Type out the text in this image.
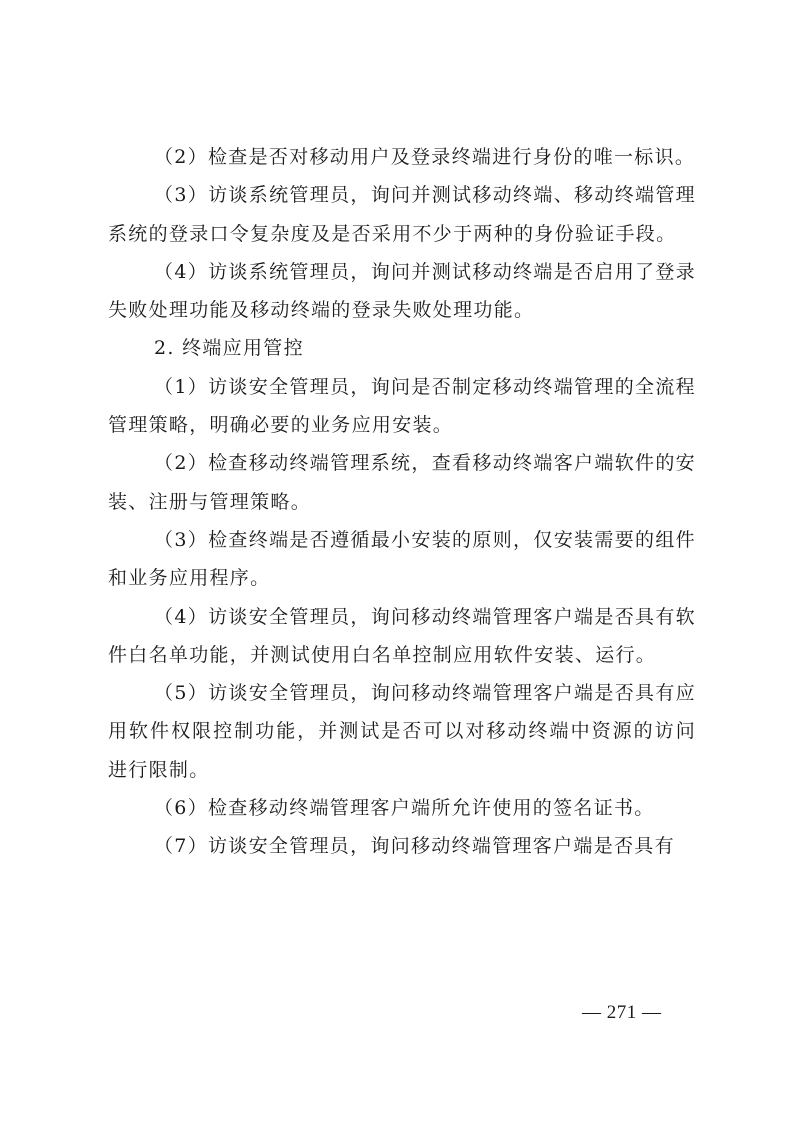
（2）检查是否对移动用户及登录终端进行身份的唯一标识。

（3）访谈系统管理员，询问并测试移动终端、移动终端管理系统的登录口令复杂度及是否采用不少于两种的身份验证手段。

（4）访谈系统管理员，询问并测试移动终端是否启用了登录失败处理功能及移动终端的登录失败处理功能。

2. 终端应用管控

（1）访谈安全管理员，询问是否制定移动终端管理的全流程管理策略，明确必要的业务应用安装。

（2）检查移动终端管理系统，查看移动终端客户端软件的安装、注册与管理策略。

（3）检查终端是否遵循最小安装的原则，仅安装需要的组件和业务应用程序。

（4）访谈安全管理员，询问移动终端管理客户端是否具有软件白名单功能，并测试使用白名单控制应用软件安装、运行。

（5）访谈安全管理员，询问移动终端管理客户端是否具有应用软件权限控制功能，并测试是否可以对移动终端中资源的访问进行限制。

（6）检查移动终端管理客户端所允许使用的签名证书。

（7）访谈安全管理员，询问移动终端管理客户端是否具有

— 271 —
